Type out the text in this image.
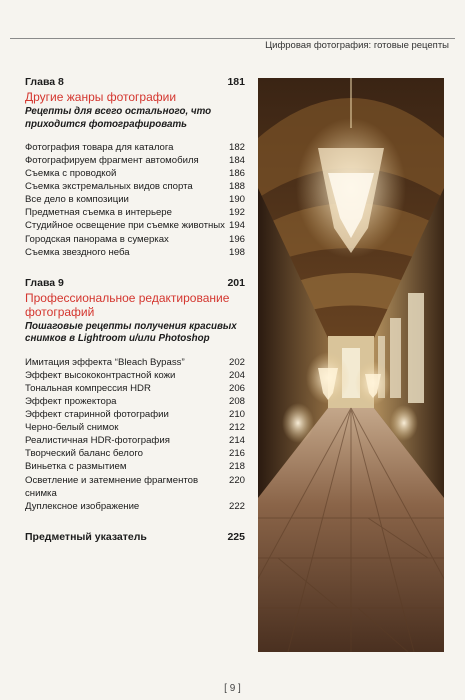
Цифровая фотография: готовые рецепты
Глава 8	181
Другие жанры фотографии
Рецепты для всего остального, что приходится фотографировать
Фотография товара для каталога	182
Фотографируем фрагмент автомобиля	184
Съемка с проводкой	186
Съемка экстремальных видов спорта	188
Все дело в композиции	190
Предметная съемка в интерьере	192
Студийное освещение при съемке животных 194
Городская панорама в сумерках	196
Съемка звездного неба	198
Глава 9	201
Профессиональное редактирование фотографий
Пошаговые рецепты получения красивых снимков в Lightroom и/или Photoshop
Имитация эффекта “Bleach Bypass”	202
Эффект высококонтрастной кожи	204
Тональная компрессия HDR	206
Эффект прожектора	208
Эффект старинной фотографии	210
Черно-белый снимок	212
Реалистичная HDR-фотография	214
Творческий баланс белого	216
Виньетка с размытием	218
Осветление и затемнение фрагментов снимка
220
Дуплексное изображение	222
Предметный указатель	225
[ 9 ]
